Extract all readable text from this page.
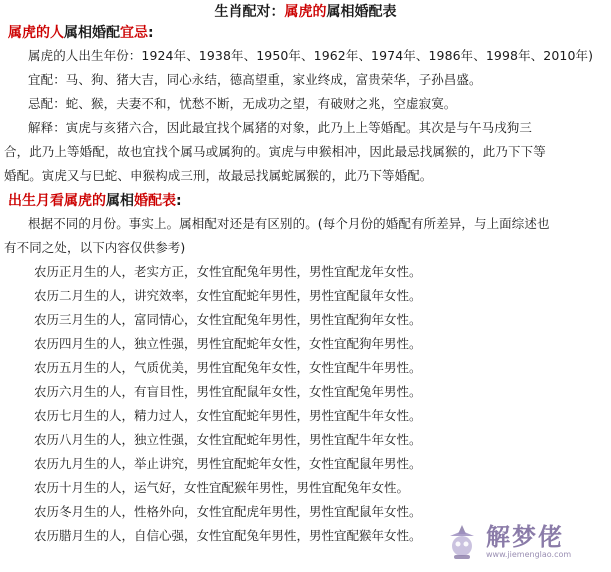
生肖配对：属虎的属相婚配表
属虎的人属相婚配宜忌:
属虎的人出生年份：1924年、1938年、1950年、1962年、1974年、1986年、1998年、2010年)
宜配：马、狗、猪大吉，同心永结，德高望重，家业终成，富贵荣华，子孙昌盛。
忌配：蛇、猴，夫妻不和，忧愁不断，无成功之望，有破财之兆，空虚寂寞。
解释：寅虎与亥猪六合，因此最宜找个属猪的对象，此乃上上等婚配。其次是与午马戌狗三
合，此乃上等婚配，故也宜找个属马或属狗的。寅虎与申猴相冲，因此最忌找属猴的，此乃下下等
婚配。寅虎又与巳蛇、申猴构成三刑，故最忌找属蛇属猴的，此乃下等婚配。
出生月看属虎的属相婚配表:
根据不同的月份。事实上。属相配对还是有区别的。(每个月份的婚配有所差异，与上面综述也
有不同之处，以下内容仅供参考)
农历正月生的人，老实方正，女性宜配兔年男性，男性宜配龙年女性。
农历二月生的人，讲究效率，女性宜配蛇年男性，男性宜配鼠年女性。
农历三月生的人，富同情心，女性宜配兔年男性，男性宜配狗年女性。
农历四月生的人，独立性强，男性宜配蛇年女性，女性宜配狗年男性。
农历五月生的人，气质优美，男性宜配兔年女性，女性宜配牛年男性。
农历六月生的人，有盲目性，男性宜配鼠年女性，女性宜配兔年男性。
农历七月生的人，精力过人，女性宜配蛇年男性，男性宜配牛年女性。
农历八月生的人，独立性强，女性宜配蛇年男性，男性宜配牛年女性。
农历九月生的人，举止讲究，男性宜配蛇年女性，女性宜配鼠年男性。
农历十月生的人，运气好，女性宜配猴年男性，男性宜配兔年女性。
农历冬月生的人，性格外向，女性宜配虎年男性，男性宜配鼠年女性。
农历腊月生的人，自信心强，女性宜配兔年男性，男性宜配猴年女性。	解梦佬
www.jiemenglao.com
